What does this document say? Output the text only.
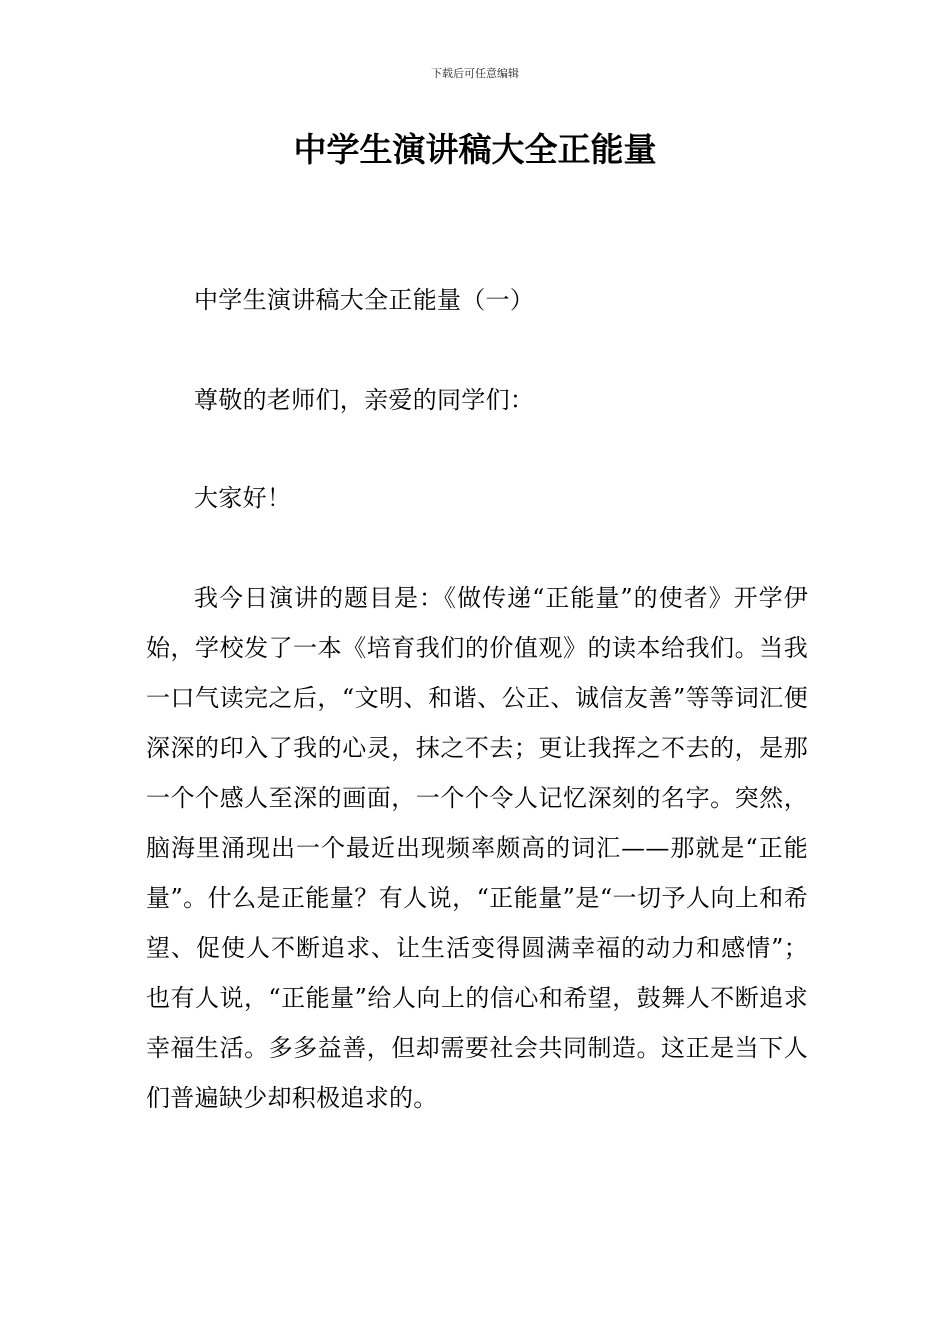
下载后可任意编辑
中学生演讲稿大全正能量

中学生演讲稿大全正能量（一）

尊敬的老师们，亲爱的同学们：

大家好！

我今日演讲的题目是：《做传递“正能量”的使者》开学伊始，学校发了一本《培育我们的价值观》的读本给我们。当我一口气读完之后，“文明、和谐、公正、诚信友善”等等词汇便深深的印入了我的心灵，抹之不去；更让我挥之不去的，是那一个个感人至深的画面，一个个令人记忆深刻的名字。突然，脑海里涌现出一个最近出现频率颇高的词汇——那就是“正能量”。什么是正能量？有人说，“正能量”是“一切予人向上和希望、促使人不断追求、让生活变得圆满幸福的动力和感情”；也有人说，“正能量”给人向上的信心和希望，鼓舞人不断追求幸福生活。多多益善，但却需要社会共同制造。这正是当下人们普遍缺少却积极追求的。
